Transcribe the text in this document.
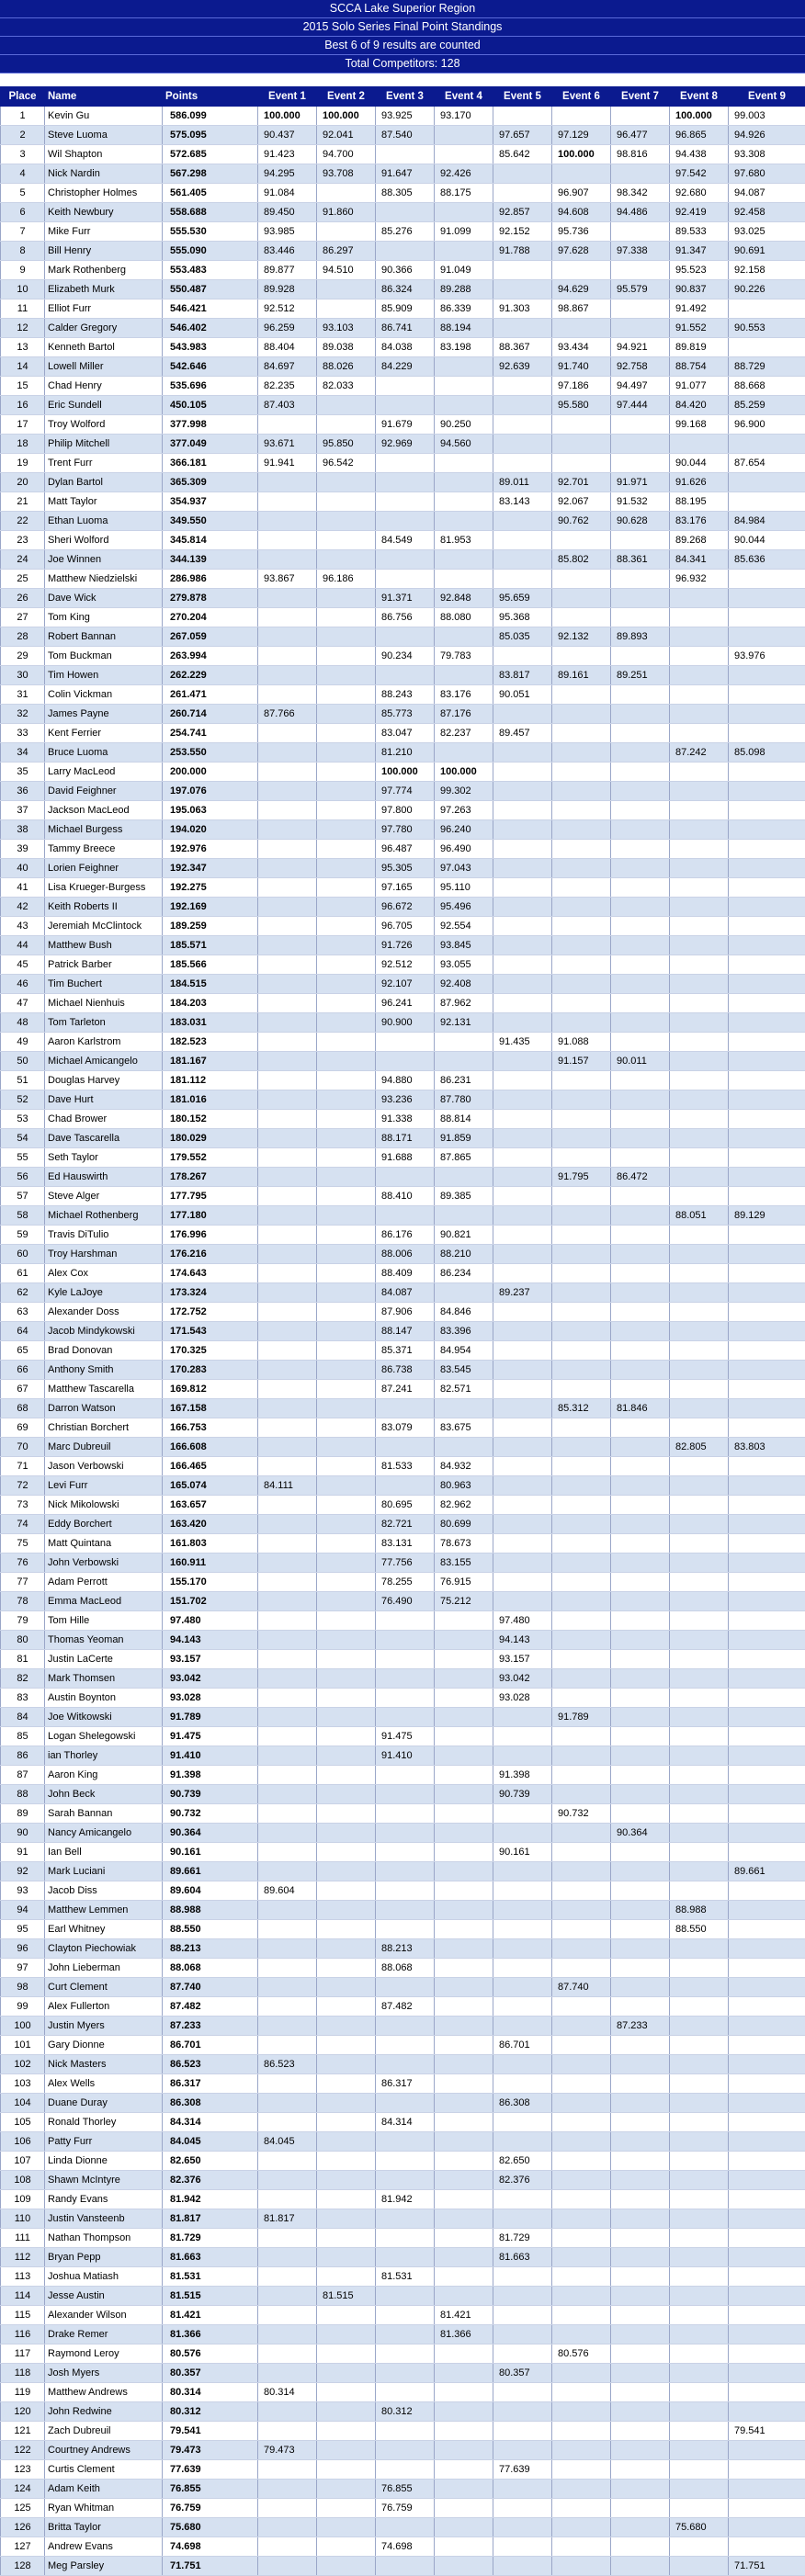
SCCA Lake Superior Region
2015 Solo Series Final Point Standings
Best 6 of 9 results are counted
Total Competitors: 128
Place	Name	Points	Event 1	Event 2	Event 3	Event 4	Event 5	Event 6	Event 7	Event 8	Event 9
1	Kevin Gu	586.099	100.000	100.000	93.925	93.170				100.000	99.003
2	Steve Luoma	575.095	90.437	92.041	87.540		97.657	97.129	96.477	96.865	94.926
3	Wil Shapton	572.685	91.423	94.700			85.642	100.000	98.816	94.438	93.308
4	Nick Nardin	567.298	94.295	93.708	91.647	92.426				97.542	97.680
5	Christopher Holmes	561.405	91.084		88.305	88.175		96.907	98.342	92.680	94.087
6	Keith Newbury	558.688	89.450	91.860			92.857	94.608	94.486	92.419	92.458
7	Mike Furr	555.530	93.985		85.276	91.099	92.152	95.736		89.533	93.025
8	Bill Henry	555.090	83.446	86.297			91.788	97.628	97.338	91.347	90.691
9	Mark Rothenberg	553.483	89.877	94.510	90.366	91.049				95.523	92.158
10	Elizabeth Murk	550.487	89.928		86.324	89.288		94.629	95.579	90.837	90.226
11	Elliot Furr	546.421	92.512		85.909	86.339	91.303	98.867		91.492	
12	Calder Gregory	546.402	96.259	93.103	86.741	88.194				91.552	90.553
13	Kenneth Bartol	543.983	88.404	89.038	84.038	83.198	88.367	93.434	94.921	89.819	
14	Lowell Miller	542.646	84.697	88.026	84.229		92.639	91.740	92.758	88.754	88.729
15	Chad Henry	535.696	82.235	82.033				97.186	94.497	91.077	88.668
16	Eric Sundell	450.105	87.403					95.580	97.444	84.420	85.259
17	Troy Wolford	377.998			91.679	90.250				99.168	96.900
18	Philip Mitchell	377.049	93.671	95.850	92.969	94.560					
19	Trent Furr	366.181	91.941	96.542						90.044	87.654
20	Dylan Bartol	365.309					89.011	92.701	91.971	91.626	
21	Matt Taylor	354.937					83.143	92.067	91.532	88.195	
22	Ethan Luoma	349.550						90.762	90.628	83.176	84.984
23	Sheri Wolford	345.814			84.549	81.953				89.268	90.044
24	Joe Winnen	344.139						85.802	88.361	84.341	85.636
25	Matthew Niedzielski	286.986	93.867	96.186						96.932	
26	Dave Wick	279.878			91.371	92.848	95.659				
27	Tom King	270.204			86.756	88.080	95.368				
28	Robert Bannan	267.059					85.035	92.132	89.893		
29	Tom Buckman	263.994			90.234	79.783					93.976
30	Tim Howen	262.229					83.817	89.161	89.251		
31	Colin Vickman	261.471			88.243	83.176	90.051				
32	James Payne	260.714	87.766		85.773	87.176					
33	Kent Ferrier	254.741			83.047	82.237	89.457				
34	Bruce Luoma	253.550			81.210					87.242	85.098
35	Larry MacLeod	200.000			100.000	100.000					
36	David Feighner	197.076			97.774	99.302					
37	Jackson MacLeod	195.063			97.800	97.263					
38	Michael Burgess	194.020			97.780	96.240					
39	Tammy Breece	192.976			96.487	96.490					
40	Lorien Feighner	192.347			95.305	97.043					
41	Lisa Krueger-Burgess	192.275			97.165	95.110					
42	Keith Roberts II	192.169			96.672	95.496					
43	Jeremiah McClintock	189.259			96.705	92.554					
44	Matthew Bush	185.571			91.726	93.845					
45	Patrick Barber	185.566			92.512	93.055					
46	Tim Buchert	184.515			92.107	92.408					
47	Michael Nienhuis	184.203			96.241	87.962					
48	Tom Tarleton	183.031			90.900	92.131					
49	Aaron Karlstrom	182.523					91.435	91.088			
50	Michael Amicangelo	181.167						91.157	90.011		
51	Douglas Harvey	181.112			94.880	86.231					
52	Dave Hurt	181.016			93.236	87.780					
53	Chad Brower	180.152			91.338	88.814					
54	Dave Tascarella	180.029			88.171	91.859					
55	Seth Taylor	179.552			91.688	87.865					
56	Ed Hauswirth	178.267						91.795	86.472		
57	Steve Alger	177.795			88.410	89.385					
58	Michael Rothenberg	177.180								88.051	89.129
59	Travis DiTulio	176.996			86.176	90.821					
60	Troy Harshman	176.216			88.006	88.210					
61	Alex Cox	174.643			88.409	86.234					
62	Kyle LaJoye	173.324			84.087		89.237				
63	Alexander Doss	172.752			87.906	84.846					
64	Jacob Mindykowski	171.543			88.147	83.396					
65	Brad Donovan	170.325			85.371	84.954					
66	Anthony Smith	170.283			86.738	83.545					
67	Matthew Tascarella	169.812			87.241	82.571					
68	Darron Watson	167.158						85.312	81.846		
69	Christian Borchert	166.753			83.079	83.675					
70	Marc Dubreuil	166.608								82.805	83.803
71	Jason Verbowski	166.465			81.533	84.932					
72	Levi Furr	165.074	84.111			80.963					
73	Nick Mikolowski	163.657			80.695	82.962					
74	Eddy Borchert	163.420			82.721	80.699					
75	Matt Quintana	161.803			83.131	78.673					
76	John Verbowski	160.911			77.756	83.155					
77	Adam Perrott	155.170			78.255	76.915					
78	Emma MacLeod	151.702			76.490	75.212					
79	Tom Hille	97.480					97.480				
80	Thomas Yeoman	94.143					94.143				
81	Justin LaCerte	93.157					93.157				
82	Mark Thomsen	93.042					93.042				
83	Austin Boynton	93.028					93.028				
84	Joe Witkowski	91.789						91.789			
85	Logan Shelegowski	91.475			91.475						
86	ian Thorley	91.410			91.410						
87	Aaron King	91.398					91.398				
88	John Beck	90.739					90.739				
89	Sarah Bannan	90.732						90.732			
90	Nancy Amicangelo	90.364							90.364		
91	Ian Bell	90.161					90.161				
92	Mark Luciani	89.661									89.661
93	Jacob Diss	89.604	89.604								
94	Matthew Lemmen	88.988								88.988	
95	Earl Whitney	88.550								88.550	
96	Clayton Piechowiak	88.213			88.213						
97	John Lieberman	88.068			88.068						
98	Curt Clement	87.740						87.740			
99	Alex Fullerton	87.482			87.482						
100	Justin Myers	87.233							87.233		
101	Gary Dionne	86.701					86.701				
102	Nick Masters	86.523	86.523								
103	Alex Wells	86.317			86.317						
104	Duane Duray	86.308					86.308				
105	Ronald Thorley	84.314			84.314						
106	Patty Furr	84.045	84.045								
107	Linda Dionne	82.650					82.650				
108	Shawn McIntyre	82.376					82.376				
109	Randy Evans	81.942			81.942						
110	Justin Vansteenb	81.817	81.817								
111	Nathan Thompson	81.729					81.729				
112	Bryan Pepp	81.663					81.663				
113	Joshua Matiash	81.531			81.531						
114	Jesse Austin	81.515		81.515							
115	Alexander Wilson	81.421				81.421					
116	Drake Remer	81.366				81.366					
117	Raymond Leroy	80.576						80.576			
118	Josh Myers	80.357					80.357				
119	Matthew Andrews	80.314	80.314								
120	John Redwine	80.312			80.312						
121	Zach Dubreuil	79.541									79.541
122	Courtney Andrews	79.473	79.473								
123	Curtis Clement	77.639					77.639				
124	Adam Keith	76.855			76.855						
125	Ryan Whitman	76.759			76.759						
126	Britta Taylor	75.680								75.680	
127	Andrew Evans	74.698			74.698						
128	Meg Parsley	71.751									71.751
